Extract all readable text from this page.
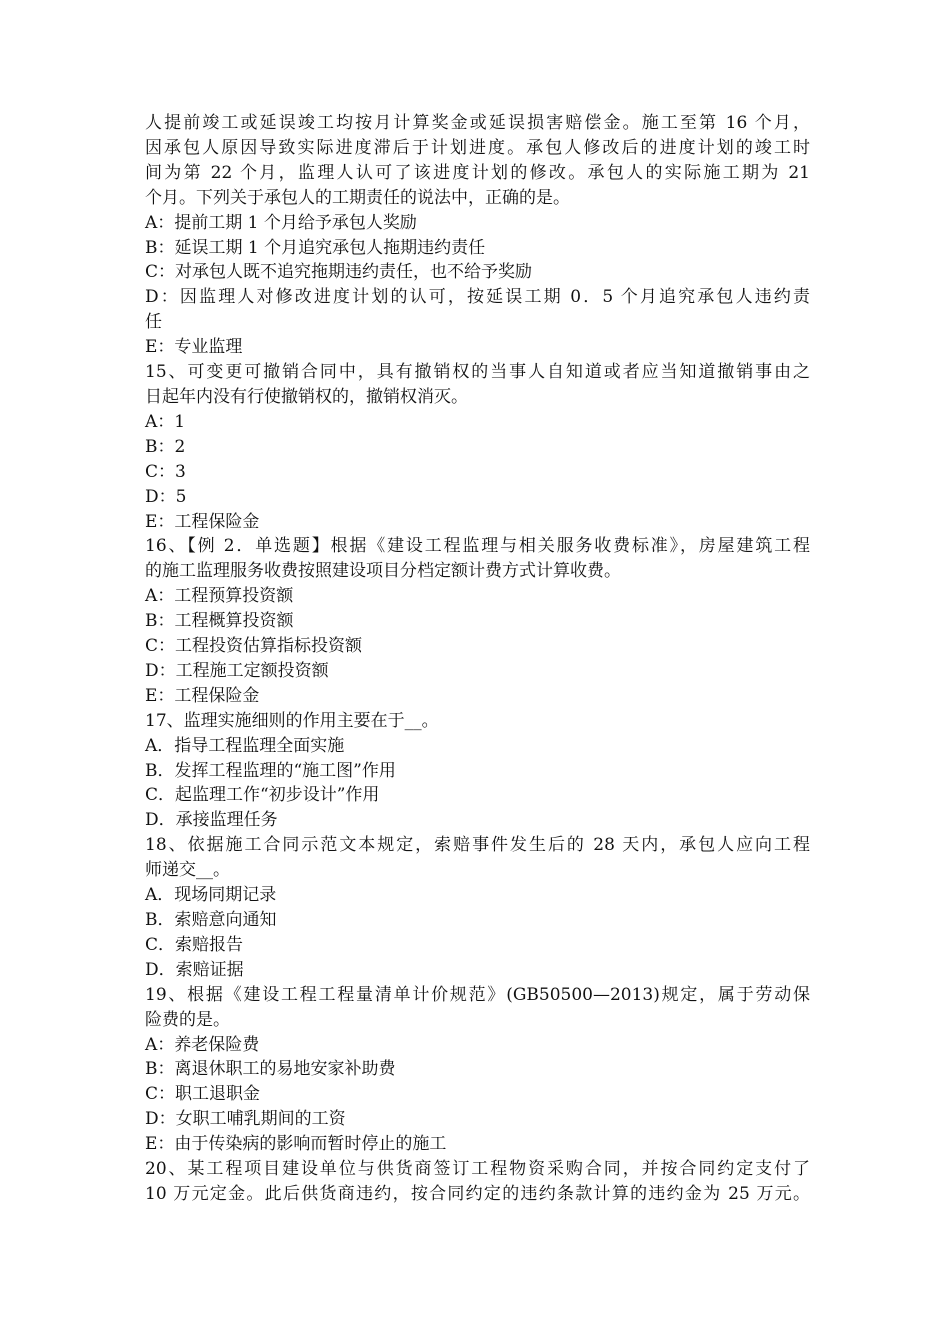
人提前竣工或延误竣工均按月计算奖金或延误损害赔偿金。施工至第 16 个月，
因承包人原因导致实际进度滞后于计划进度。承包人修改后的进度计划的竣工时
间为第 22 个月，监理人认可了该进度计划的修改。承包人的实际施工期为 21
个月。下列关于承包人的工期责任的说法中，正确的是。
A：提前工期 1 个月给予承包人奖励
B：延误工期 1 个月追究承包人拖期违约责任
C：对承包人既不追究拖期违约责任，也不给予奖励
D：因监理人对修改进度计划的认可，按延误工期 0．5 个月追究承包人违约责
任
E：专业监理
15、可变更可撤销合同中，具有撤销权的当事人自知道或者应当知道撤销事由之
日起年内没有行使撤销权的，撤销权消灭。
A：1
B：2
C：3
D：5
E：工程保险金
16、【例 2．单选题】根据《建设工程监理与相关服务收费标准》，房屋建筑工程
的施工监理服务收费按照建设项目分档定额计费方式计算收费。
A：工程预算投资额
B：工程概算投资额
C：工程投资估算指标投资额
D：工程施工定额投资额
E：工程保险金
17、监理实施细则的作用主要在于__。
A．指导工程监理全面实施
B．发挥工程监理的“施工图”作用
C．起监理工作“初步设计”作用
D．承接监理任务
18、依据施工合同示范文本规定，索赔事件发生后的 28 天内，承包人应向工程
师递交__。
A．现场同期记录
B．索赔意向通知
C．索赔报告
D．索赔证据
19、根据《建设工程工程量清单计价规范》(GB50500—2013)规定，属于劳动保
险费的是。
A：养老保险费
B：离退休职工的易地安家补助费
C：职工退职金
D：女职工哺乳期间的工资
E：由于传染病的影响而暂时停止的施工
20、某工程项目建设单位与供货商签订工程物资采购合同，并按合同约定支付了
10 万元定金。此后供货商违约，按合同约定的违约条款计算的违约金为 25 万元。
